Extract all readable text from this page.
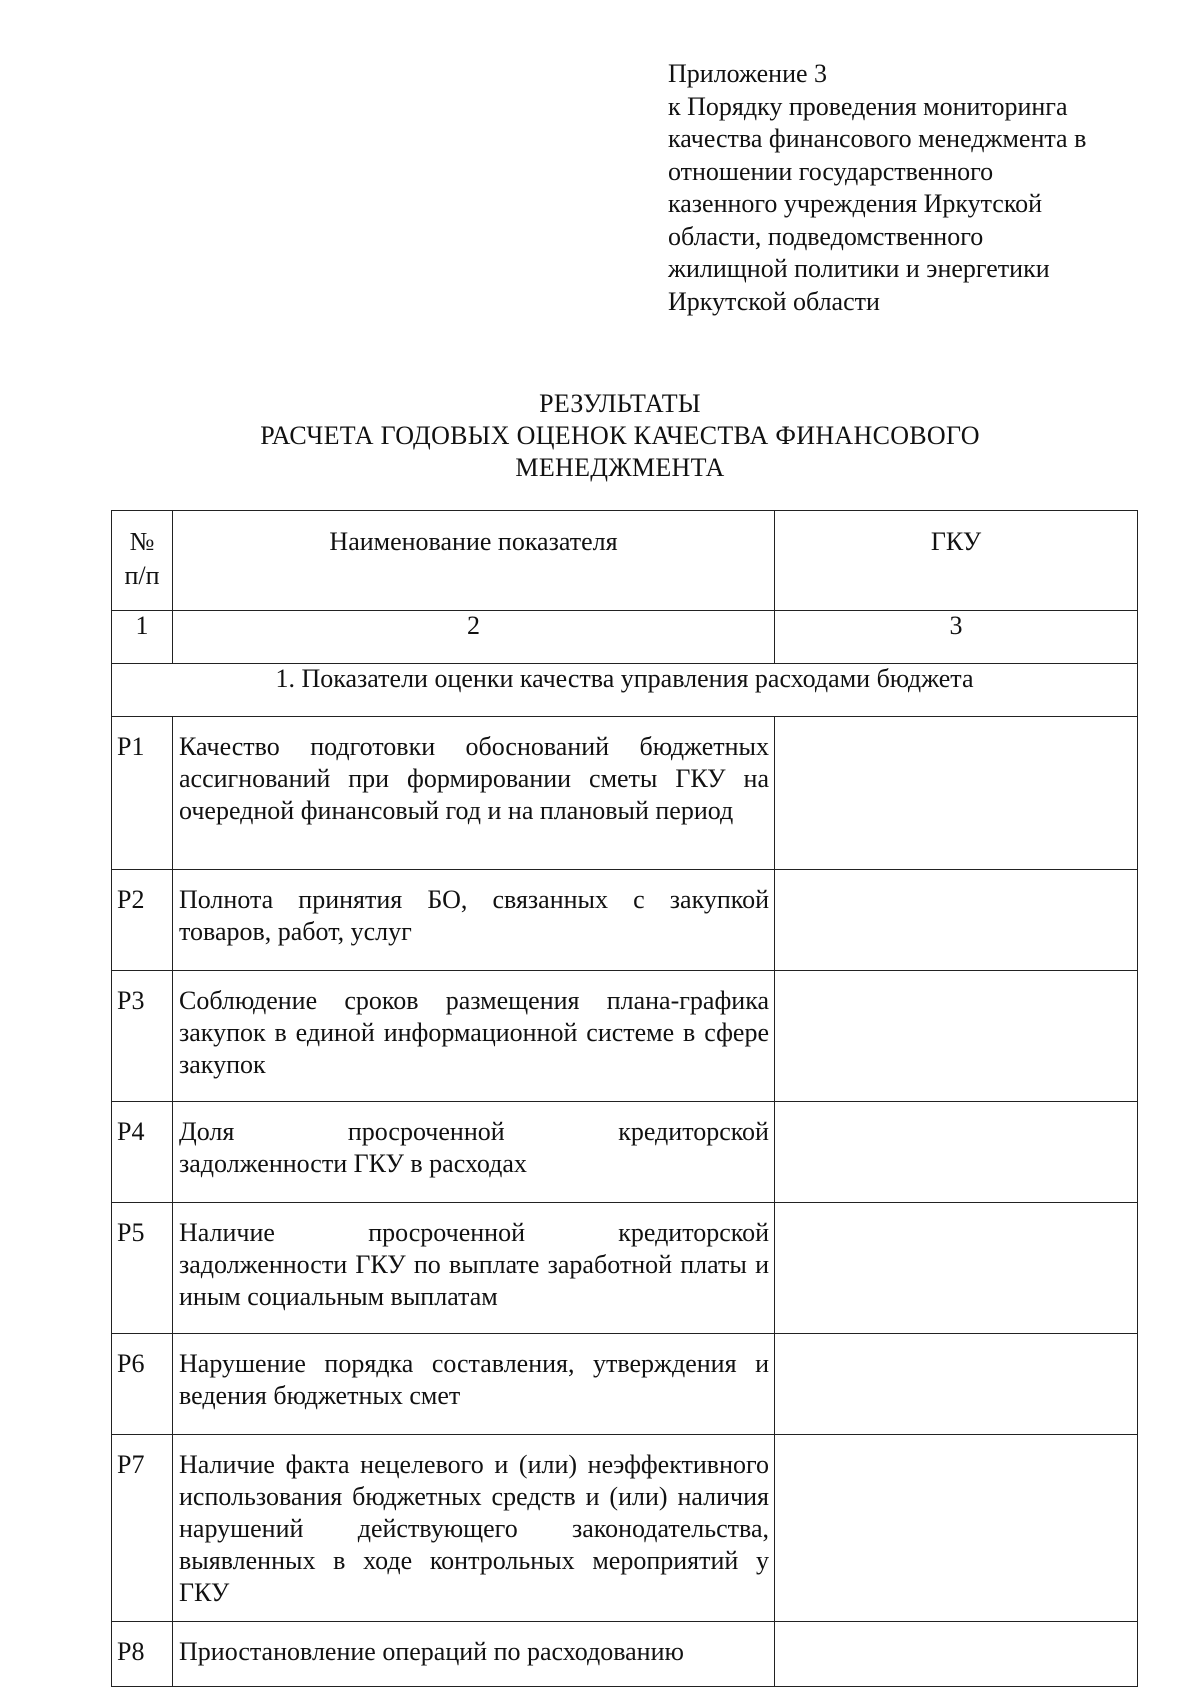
Приложение 3
к Порядку проведения мониторинга
качества финансового менеджмента в
отношении государственного
казенного учреждения Иркутской
области, подведомственного
жилищной политики и энергетики
Иркутской области
РЕЗУЛЬТАТЫ
РАСЧЕТА ГОДОВЫХ ОЦЕНОК КАЧЕСТВА ФИНАНСОВОГО
МЕНЕДЖМЕНТА
№
п/п	Наименование показателя	ГКУ
1	2	3
1. Показатели оценки качества управления расходами бюджета		
Р1	Качество подготовки обоснований бюджетных ассигнований при формировании сметы ГКУ на очередной финансовый год и на плановый период	
Р2	Полнота принятия БО, связанных с закупкой товаров, работ, услуг	
Р3	Соблюдение сроков размещения плана-графика закупок в единой информационной системе в сфере закупок	
Р4	Доля просроченной кредиторской
задолженности ГКУ в расходах	

Р5	Наличие просроченной кредиторской
задолженности ГКУ по выплате заработной платы и иным социальным выплатам	

Р6	Нарушение порядка составления, утверждения и ведения бюджетных смет	
Р7	Наличие факта нецелевого и (или) неэффективного использования бюджетных средств и (или) наличия нарушений действующего законодательства, выявленных в ходе контрольных мероприятий у ГКУ	
Р8	Приостановление операций по расходованию	
